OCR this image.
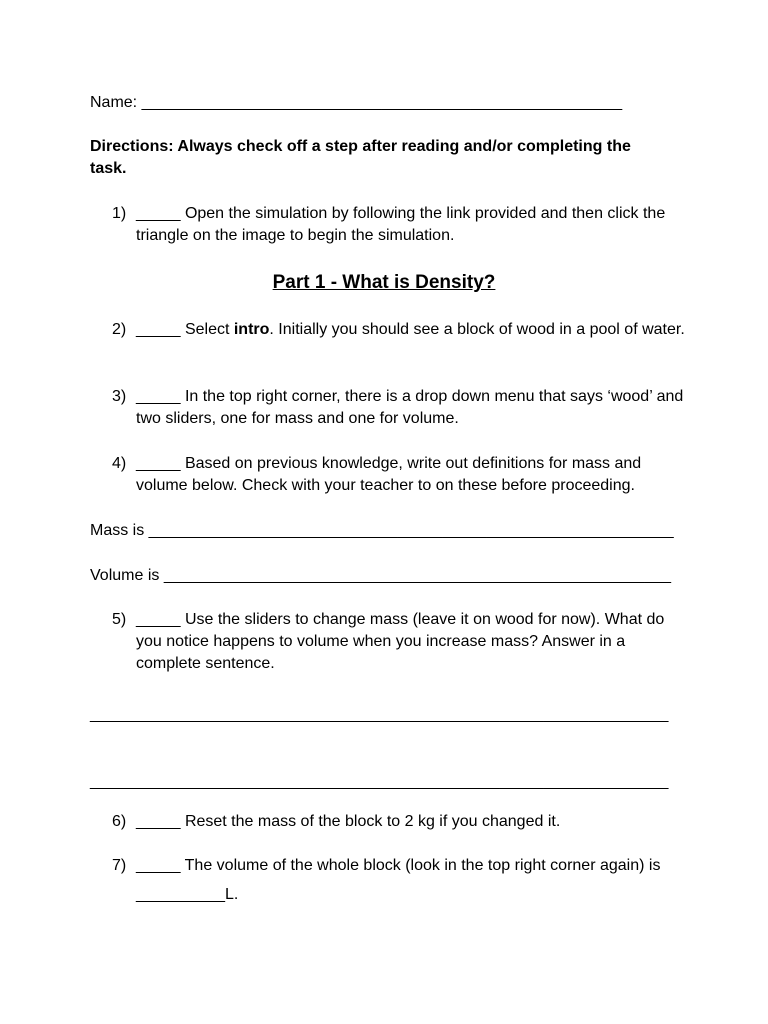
Name: ______________________________________________________
Directions: Always check off a step after reading and/or completing the task.
1) _____ Open the simulation by following the link provided and then click the triangle on the image to begin the simulation.
Part 1 - What is Density?
2) _____ Select intro. Initially you should see a block of wood in a pool of water.
3) _____ In the top right corner, there is a drop down menu that says ‘wood’ and two sliders, one for mass and one for volume.
4) _____ Based on previous knowledge, write out definitions for mass and volume below. Check with your teacher to on these before proceeding.
Mass is ___________________________________________________________
Volume is _________________________________________________________
5) _____ Use the sliders to change mass (leave it on wood for now). What do you notice happens to volume when you increase mass? Answer in a complete sentence.
_________________________________________________________________
_________________________________________________________________
6) _____ Reset the mass of the block to 2 kg if you changed it.
7) _____ The volume of the whole block (look in the top right corner again) is
__________L.
